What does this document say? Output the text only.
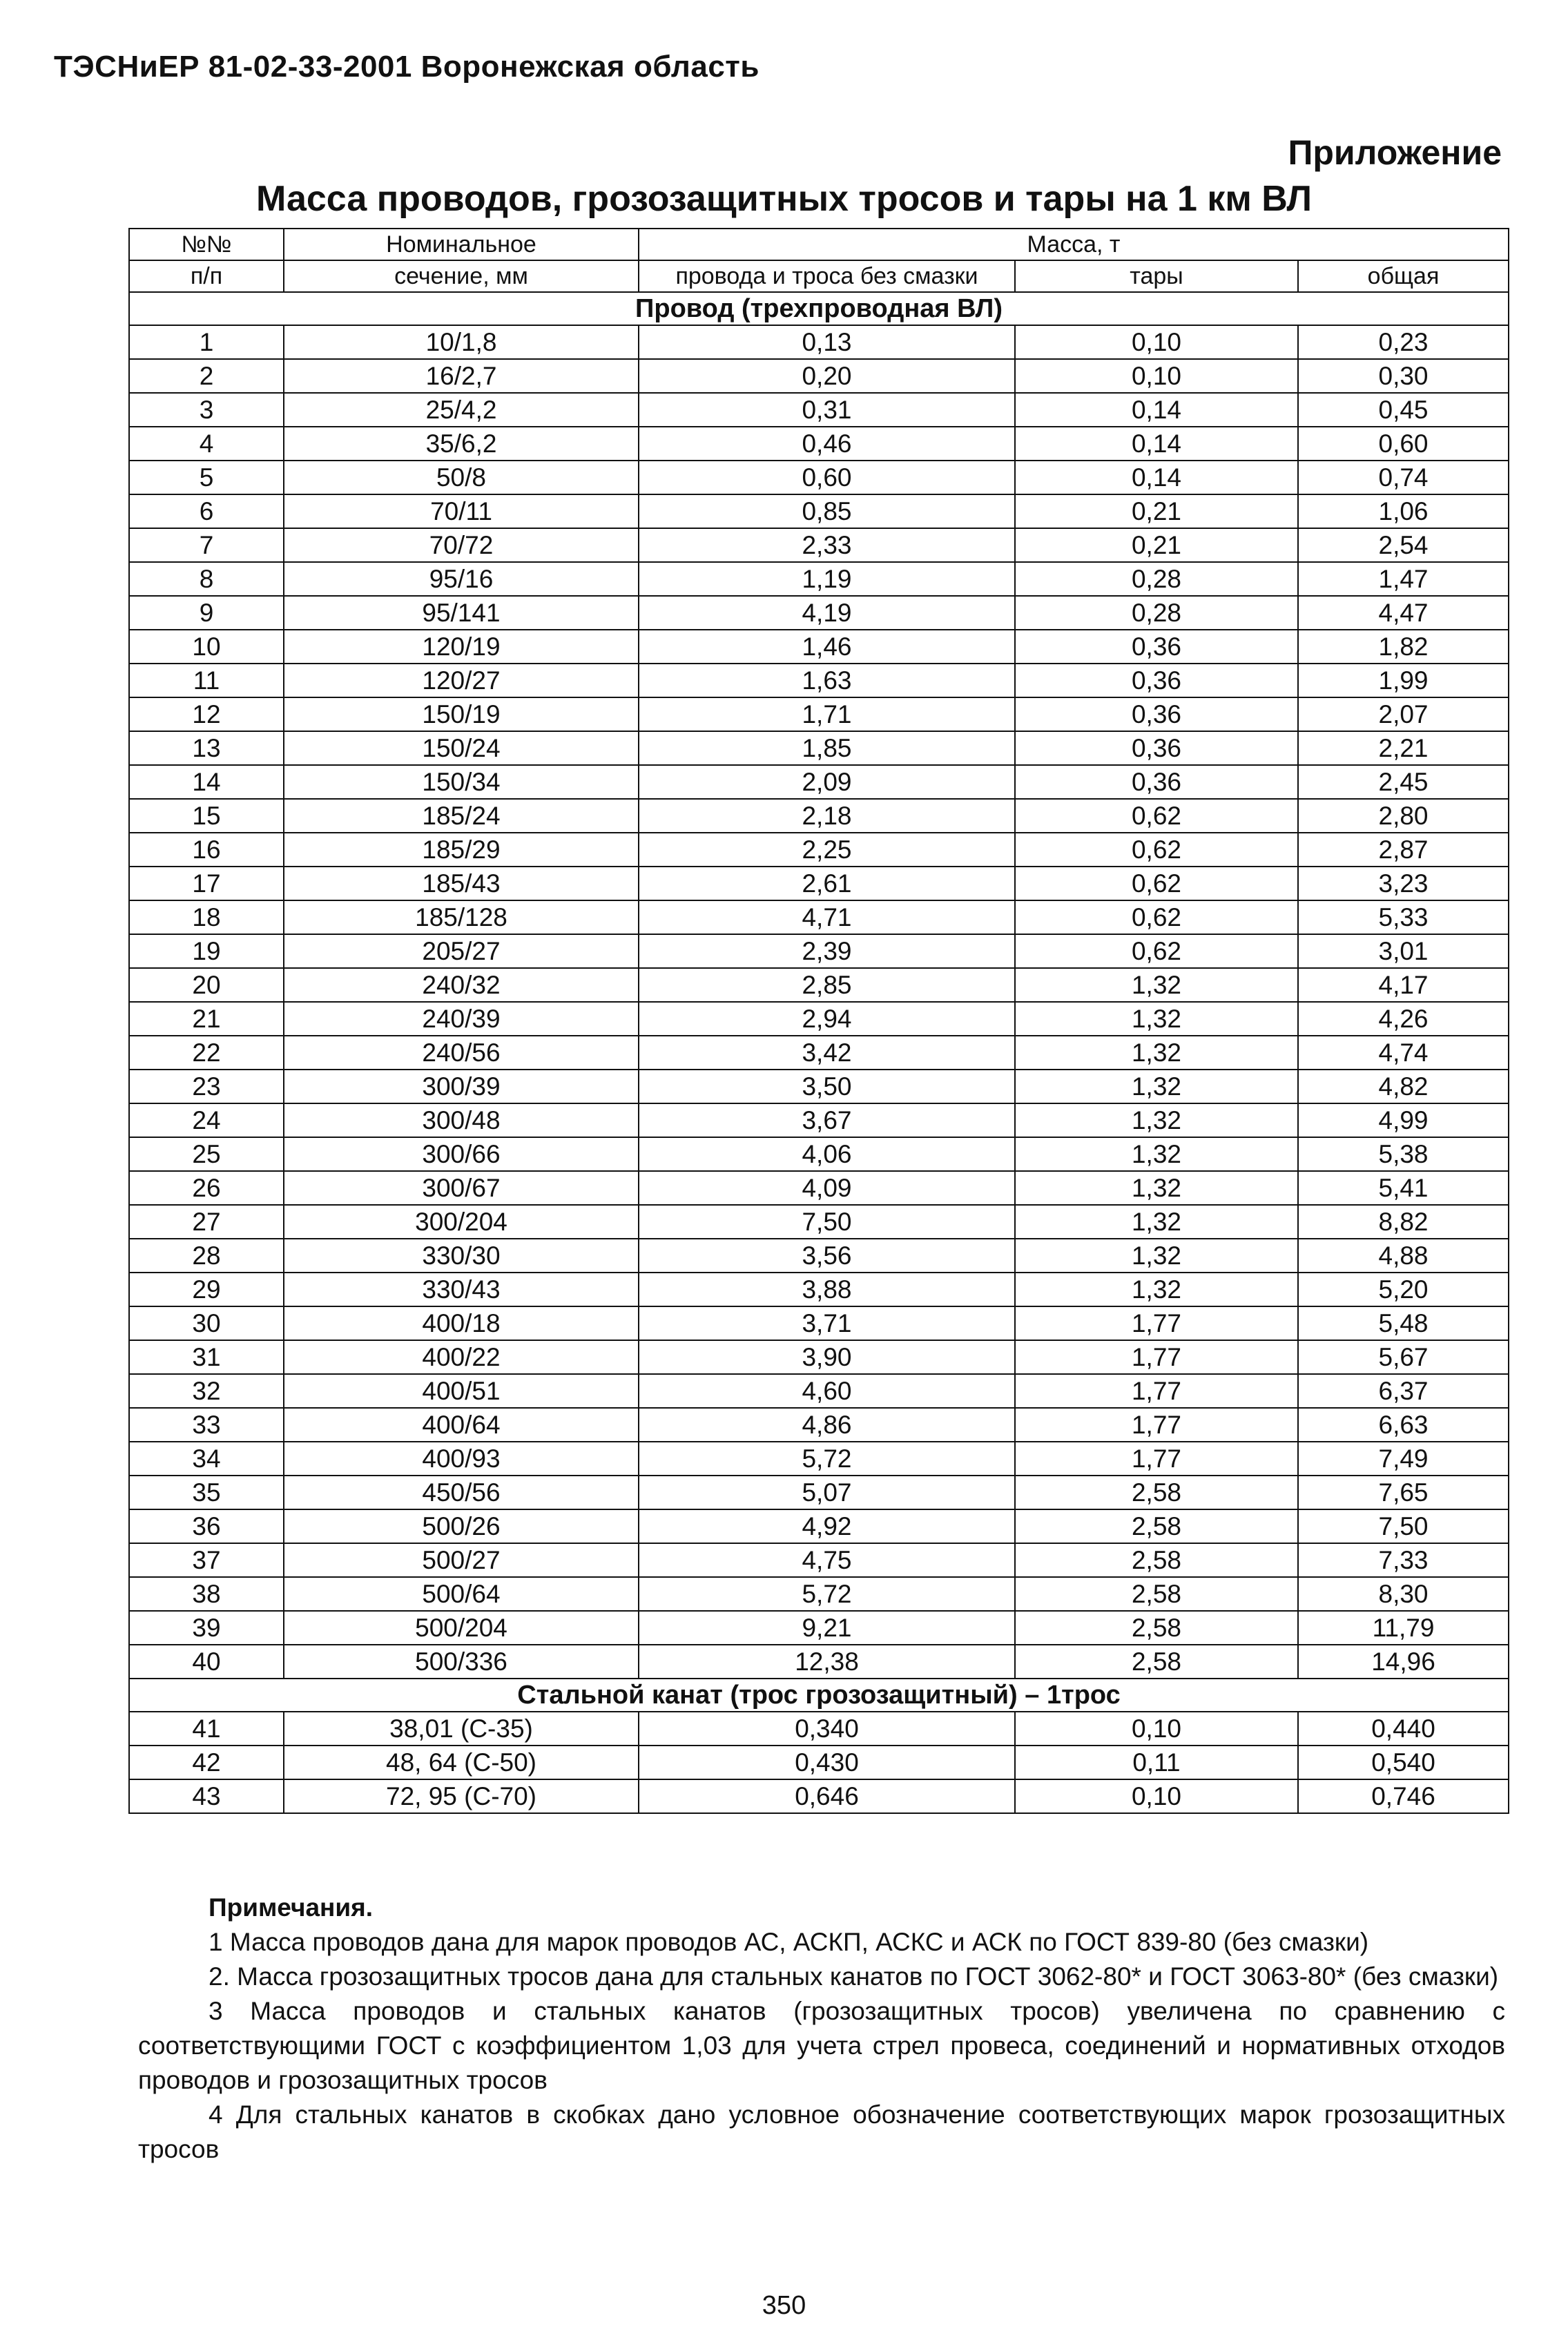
ТЭСНиЕР 81-02-33-2001 Воронежская область
Приложение
Масса проводов, грозозащитных тросов и тары на 1 км ВЛ
№№	Номинальное	Масса, т		
п/п	сечение, мм	провода и троса без смазки	тары	общая
Провод (трехпроводная ВЛ)				
1	10/1,8	0,13	0,10	0,23
2	16/2,7	0,20	0,10	0,30
3	25/4,2	0,31	0,14	0,45
4	35/6,2	0,46	0,14	0,60
5	50/8	0,60	0,14	0,74
6	70/11	0,85	0,21	1,06
7	70/72	2,33	0,21	2,54
8	95/16	1,19	0,28	1,47
9	95/141	4,19	0,28	4,47
10	120/19	1,46	0,36	1,82
11	120/27	1,63	0,36	1,99
12	150/19	1,71	0,36	2,07
13	150/24	1,85	0,36	2,21
14	150/34	2,09	0,36	2,45
15	185/24	2,18	0,62	2,80
16	185/29	2,25	0,62	2,87
17	185/43	2,61	0,62	3,23
18	185/128	4,71	0,62	5,33
19	205/27	2,39	0,62	3,01
20	240/32	2,85	1,32	4,17
21	240/39	2,94	1,32	4,26
22	240/56	3,42	1,32	4,74
23	300/39	3,50	1,32	4,82
24	300/48	3,67	1,32	4,99
25	300/66	4,06	1,32	5,38
26	300/67	4,09	1,32	5,41
27	300/204	7,50	1,32	8,82
28	330/30	3,56	1,32	4,88
29	330/43	3,88	1,32	5,20
30	400/18	3,71	1,77	5,48
31	400/22	3,90	1,77	5,67
32	400/51	4,60	1,77	6,37
33	400/64	4,86	1,77	6,63
34	400/93	5,72	1,77	7,49
35	450/56	5,07	2,58	7,65
36	500/26	4,92	2,58	7,50
37	500/27	4,75	2,58	7,33
38	500/64	5,72	2,58	8,30
39	500/204	9,21	2,58	11,79
40	500/336	12,38	2,58	14,96
Стальной канат (трос грозозащитный) – 1трос				
41	38,01 (С-35)	0,340	0,10	0,440
42	48, 64 (С-50)	0,430	0,11	0,540
43	72, 95 (С-70)	0,646	0,10	0,746
Примечания.

1 Масса проводов дана для марок проводов АС, АСКП, АСКС и АСК по ГОСТ 839-80 (без смазки)

2. Масса грозозащитных тросов дана для стальных канатов по ГОСТ 3062-80* и ГОСТ 3063-80* (без смазки)

3 Масса проводов и стальных канатов (грозозащитных тросов) увеличена по сравнению с соответствующими ГОСТ с коэффициентом 1,03 для учета стрел провеса, соединений и нормативных отходов проводов и грозозащитных тросов

4 Для стальных канатов в скобках дано условное обозначение соответствующих марок грозозащитных тросов

350
